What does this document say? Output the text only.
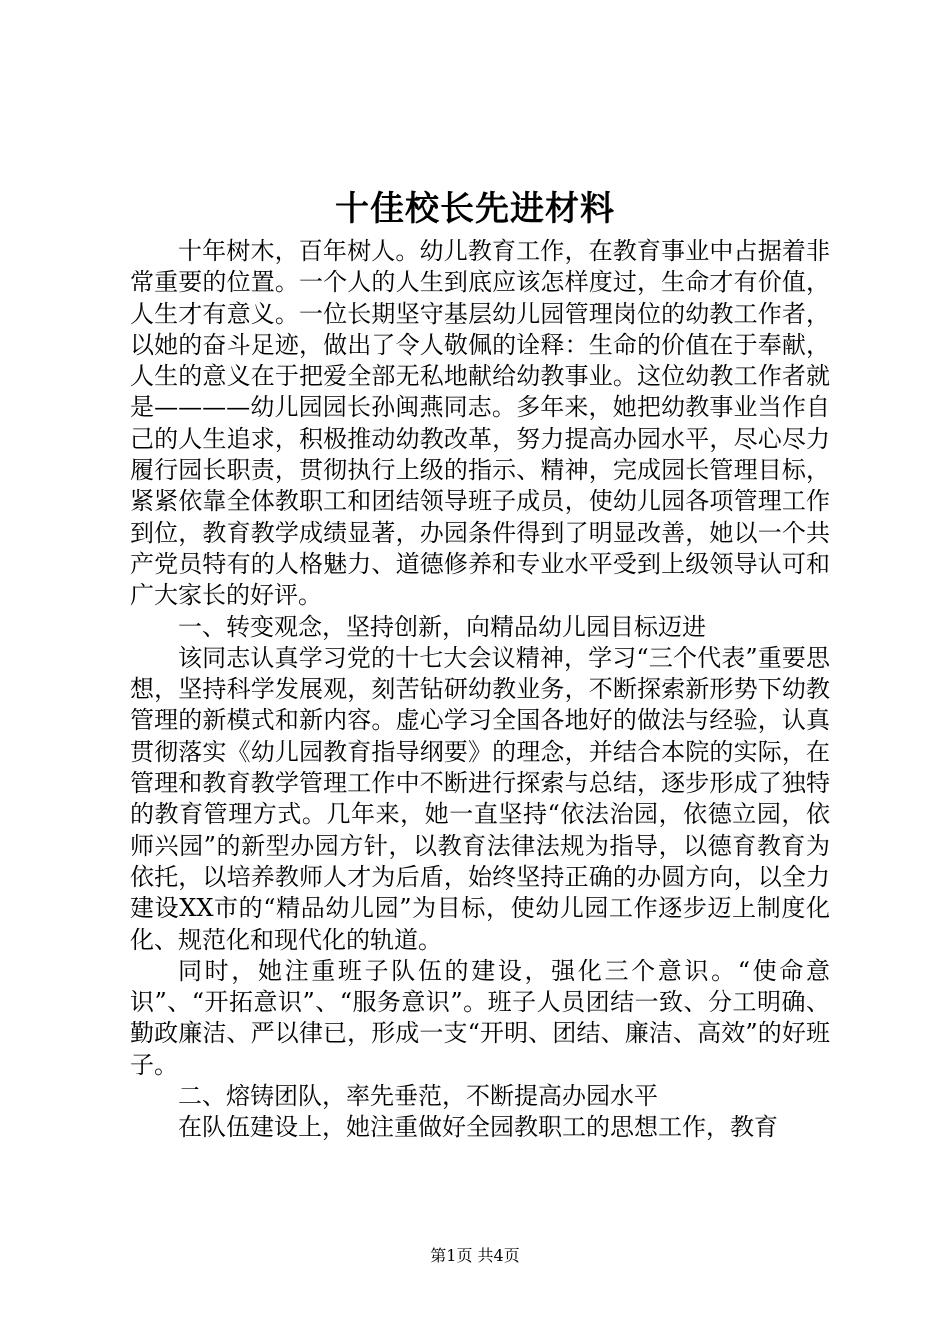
十佳校长先进材料

十年树木，百年树人。幼儿教育工作，在教育事业中占据着非常重要的位置。一个人的人生到底应该怎样度过，生命才有价值，人生才有意义。一位长期坚守基层幼儿园管理岗位的幼教工作者，以她的奋斗足迹，做出了令人敬佩的诠释：生命的价值在于奉献，人生的意义在于把爱全部无私地献给幼教事业。这位幼教工作者就是————幼儿园园长孙闽燕同志。多年来，她把幼教事业当作自己的人生追求，积极推动幼教改革，努力提高办园水平，尽心尽力履行园长职责，贯彻执行上级的指示、精神，完成园长管理目标，紧紧依靠全体教职工和团结领导班子成员，使幼儿园各项管理工作到位，教育教学成绩显著，办园条件得到了明显改善，她以一个共产党员特有的人格魅力、道德修养和专业水平受到上级领导认可和广大家长的好评。

一、转变观念，坚持创新，向精品幼儿园目标迈进

该同志认真学习党的十七大会议精神，学习“三个代表”重要思想，坚持科学发展观，刻苦钻研幼教业务，不断探索新形势下幼教管理的新模式和新内容。虚心学习全国各地好的做法与经验，认真贯彻落实《幼儿园教育指导纲要》的理念，并结合本院的实际，在管理和教育教学管理工作中不断进行探索与总结，逐步形成了独特的教育管理方式。几年来，她一直坚持“依法治园，依德立园，依师兴园”的新型办园方针，以教育法律法规为指导，以德育教育为依托，以培养教师人才为后盾，始终坚持正确的办圆方向，以全力建设XX市的“精品幼儿园”为目标，使幼儿园工作逐步迈上制度化化、规范化和现代化的轨道。

同时，她注重班子队伍的建设，强化三个意识。“使命意识”、“开拓意识”、“服务意识”。班子人员团结一致、分工明确、勤政廉洁、严以律已，形成一支“开明、团结、廉洁、高效”的好班子。

二、熔铸团队，率先垂范，不断提高办园水平

在队伍建设上，她注重做好全园教职工的思想工作，教育

第1页 共4页
